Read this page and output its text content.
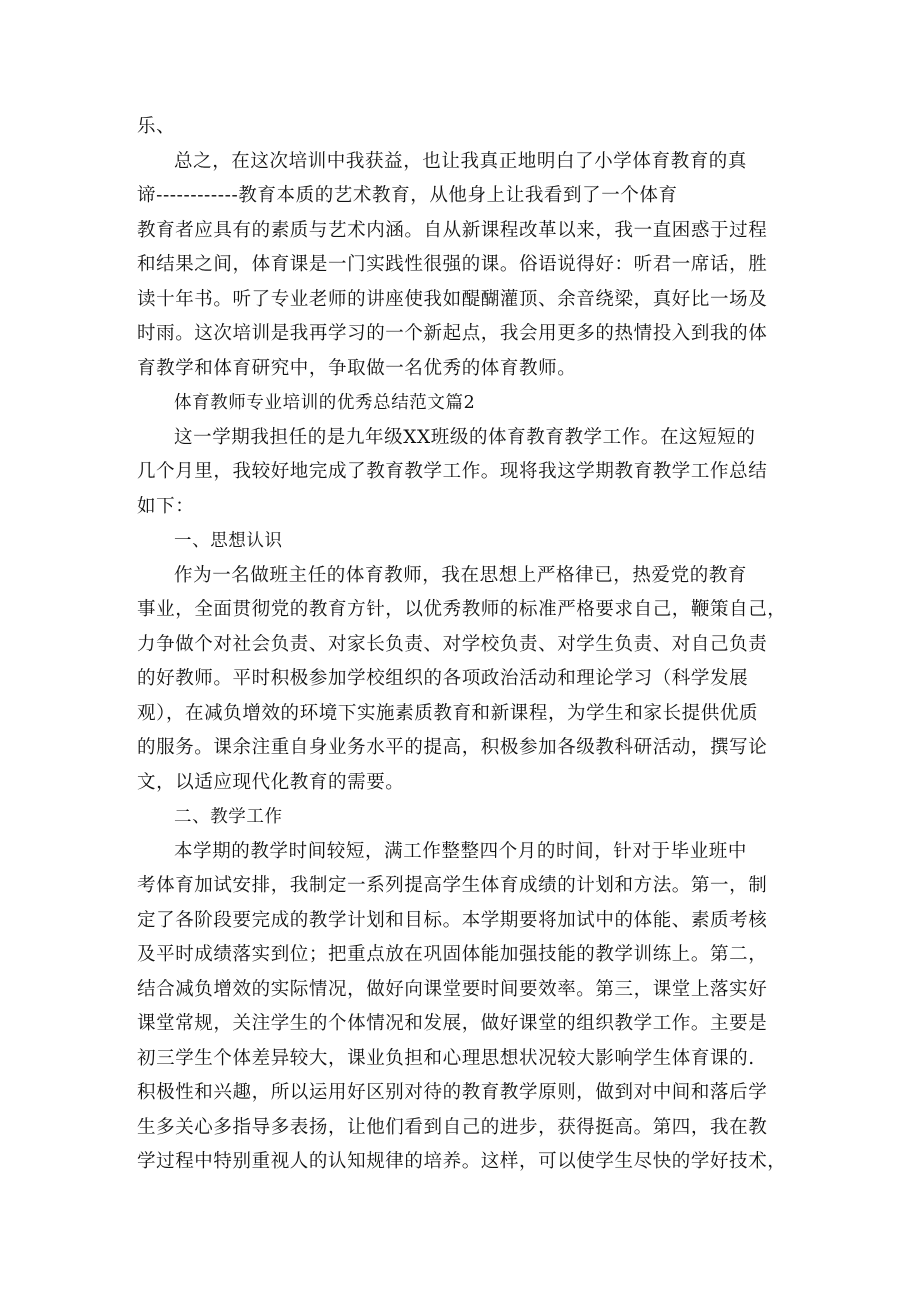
乐、
总之，在这次培训中我获益，也让我真正地明白了小学体育教育的真
谛------------教育本质的艺术教育，从他身上让我看到了一个体育
教育者应具有的素质与艺术内涵。自从新课程改革以来，我一直困惑于过程
和结果之间，体育课是一门实践性很强的课。俗语说得好：听君一席话，胜
读十年书。听了专业老师的讲座使我如醍醐灌顶、余音绕梁，真好比一场及
时雨。这次培训是我再学习的一个新起点，我会用更多的热情投入到我的体
育教学和体育研究中，争取做一名优秀的体育教师。
体育教师专业培训的优秀总结范文篇2
这一学期我担任的是九年级XX班级的体育教育教学工作。在这短短的
几个月里，我较好地完成了教育教学工作。现将我这学期教育教学工作总结
如下：
一、思想认识
作为一名做班主任的体育教师，我在思想上严格律已，热爱党的教育
事业，全面贯彻党的教育方针，以优秀教师的标准严格要求自己，鞭策自己，
力争做个对社会负责、对家长负责、对学校负责、对学生负责、对自己负责
的好教师。平时积极参加学校组织的各项政治活动和理论学习（科学发展
观），在减负增效的环境下实施素质教育和新课程，为学生和家长提供优质
的服务。课余注重自身业务水平的提高，积极参加各级教科研活动，撰写论
文，以适应现代化教育的需要。
二、教学工作
本学期的教学时间较短，满工作整整四个月的时间，针对于毕业班中
考体育加试安排，我制定一系列提高学生体育成绩的计划和方法。第一，制
定了各阶段要完成的教学计划和目标。本学期要将加试中的体能、素质考核
及平时成绩落实到位；把重点放在巩固体能加强技能的教学训练上。第二，
结合减负增效的实际情况，做好向课堂要时间要效率。第三，课堂上落实好
课堂常规，关注学生的个体情况和发展，做好课堂的组织教学工作。主要是
初三学生个体差异较大，课业负担和心理思想状况较大影响学生体育课的.
积极性和兴趣，所以运用好区别对待的教育教学原则，做到对中间和落后学
生多关心多指导多表扬，让他们看到自己的进步，获得挺高。第四，我在教
学过程中特别重视人的认知规律的培养。这样，可以使学生尽快的学好技术，
